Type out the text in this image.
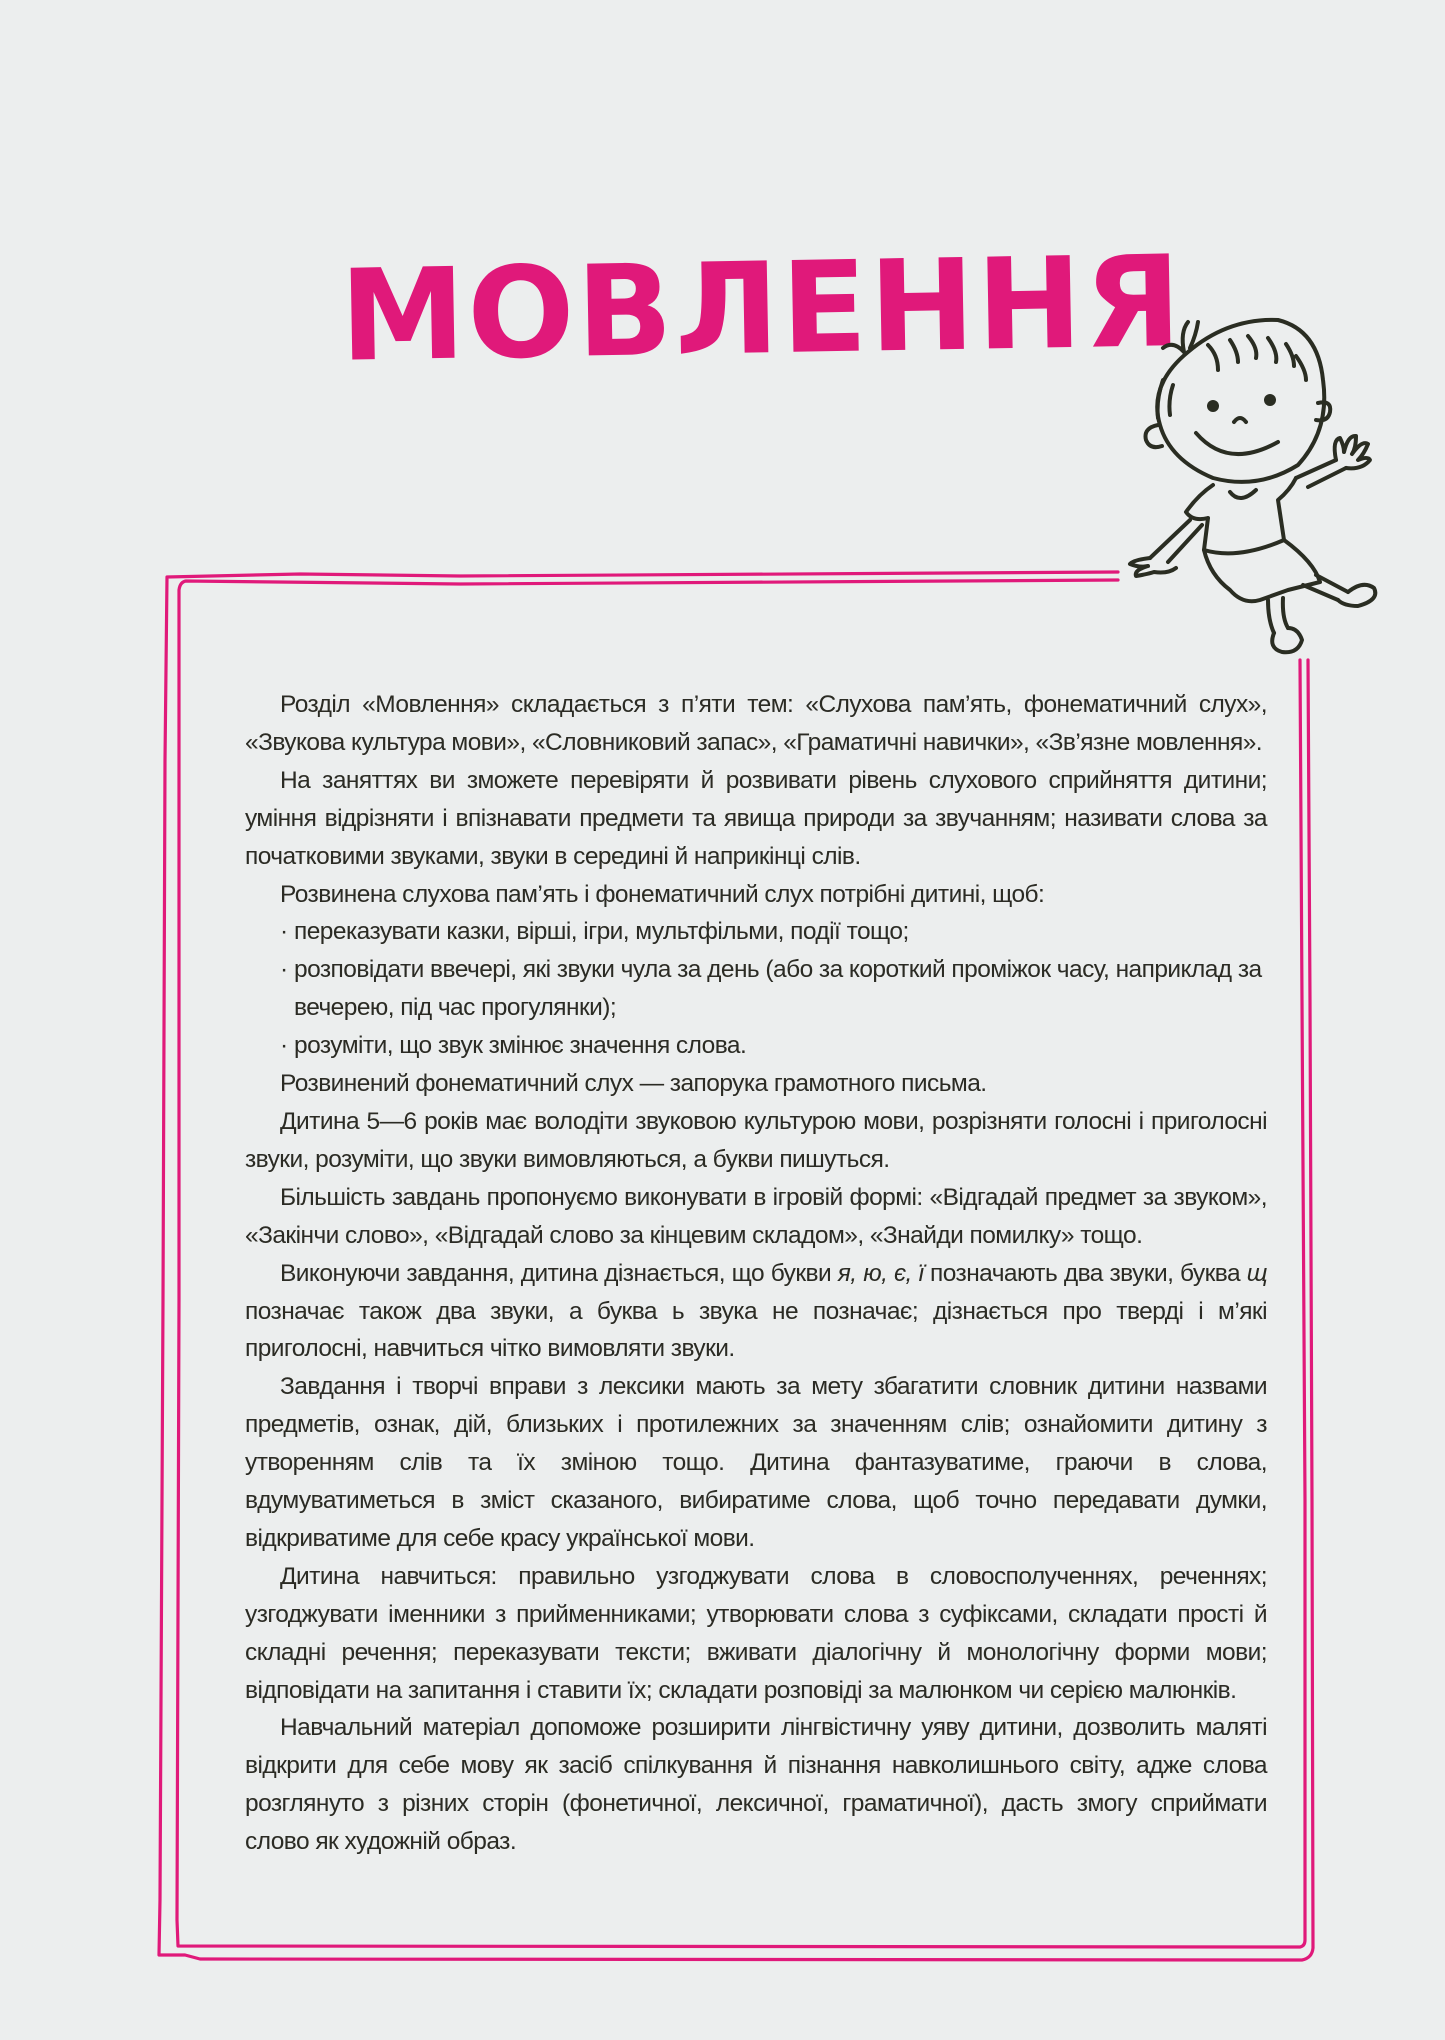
МОВЛЕННЯ

Розділ «Мовлення» складається з п’яти тем: «Слухова пам’ять, фонематичний слух», «Звукова культура мови», «Словниковий запас», «Граматичні навички», «Зв’язне мовлення».

На заняттях ви зможете перевіряти й розвивати рівень слухового сприйняття дитини; уміння відрізняти і впізнавати предмети та явища природи за звучанням; називати слова за початковими звуками, звуки в середині й наприкінці слів.

Розвинена слухова пам’ять і фонематичний слух потрібні дитині, щоб:

· переказувати казки, вірші, ігри, мультфільми, події тощо;

· розповідати ввечері, які звуки чула за день (або за короткий проміжок часу, наприклад за вечерею, під час прогулянки);

· розуміти, що звук змінює значення слова.

Розвинений фонематичний слух — запорука грамотного письма.

Дитина 5—6 років має володіти звуковою культурою мови, розрізняти голосні і приголосні звуки, розуміти, що звуки вимовляються, а букви пишуться.

Більшість завдань пропонуємо виконувати в ігровій формі: «Відгадай предмет за звуком», «Закінчи слово», «Відгадай слово за кінцевим складом», «Знайди помилку» тощо.

Виконуючи завдання, дитина дізнається, що букви я, ю, є, ї позначають два звуки, буква щ позначає також два звуки, а буква ь звука не позначає; дізнається про тверді і м’які приголосні, навчиться чітко вимовляти звуки.

Завдання і творчі вправи з лексики мають за мету збагатити словник дитини назвами предметів, ознак, дій, близьких і протилежних за значенням слів; ознайомити дитину з утворенням слів та їх зміною тощо. Дитина фантазуватиме, граючи в слова, вдумуватиметься в зміст сказаного, вибиратиме слова, щоб точно передавати думки, відкриватиме для себе красу української мови.

Дитина навчиться: правильно узгоджувати слова в словосполученнях, реченнях; узгоджувати іменники з прийменниками; утворювати слова з суфіксами, складати прості й складні речення; переказувати тексти; вживати діалогічну й монологічну форми мови; відповідати на запитання і ставити їх; складати розповіді за малюнком чи серією малюнків.

Навчальний матеріал допоможе розширити лінгвістичну уяву дитини, дозволить маляті відкрити для себе мову як засіб спілкування й пізнання навколишнього світу, адже слова розглянуто з різних сторін (фонетичної, лексичної, граматичної), дасть змогу сприймати слово як художній образ.
